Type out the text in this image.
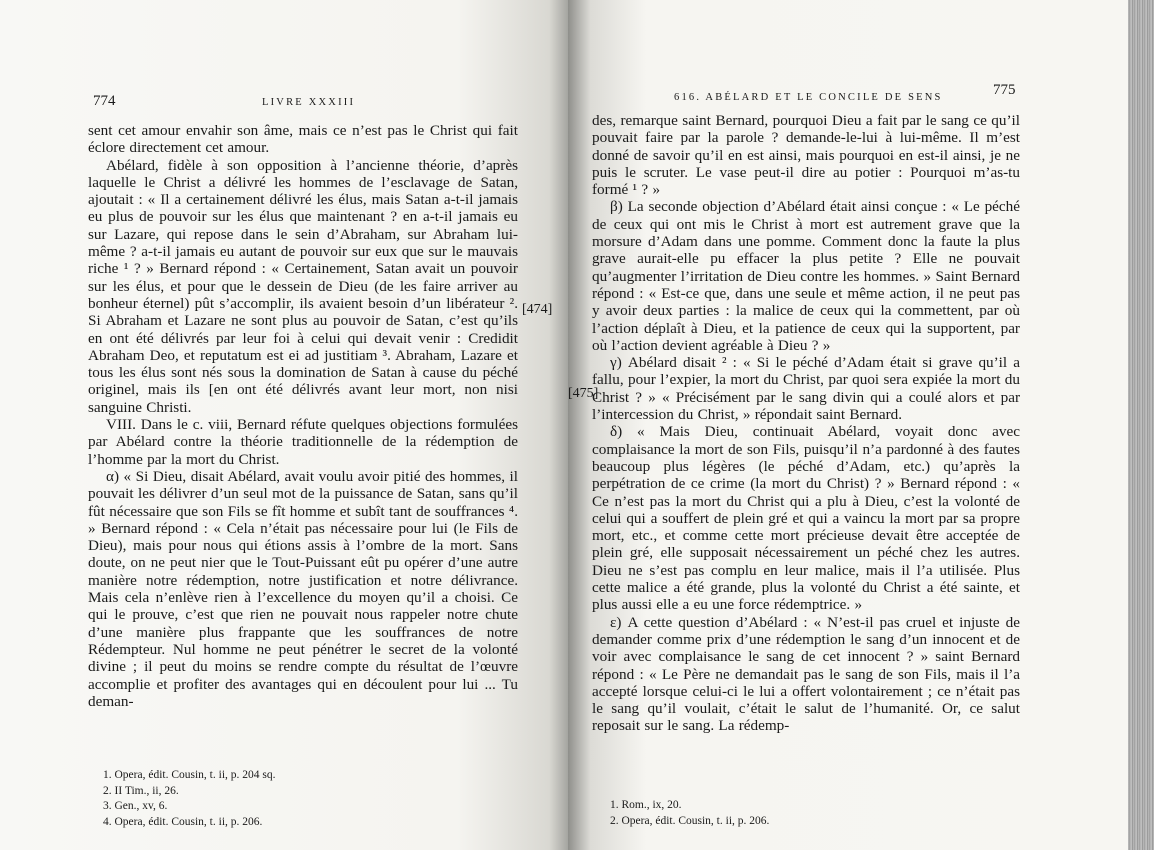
774	LIVRE XXXIII

sent cet amour envahir son âme, mais ce n’est pas le Christ qui fait éclore directement cet amour.

Abélard, fidèle à son opposition à l’ancienne théorie, d’après laquelle le Christ a délivré les hommes de l’esclavage de Satan, ajoutait : « Il a certainement délivré les élus, mais Satan a-t-il jamais eu plus de pouvoir sur les élus que maintenant ? en a-t-il jamais eu sur Lazare, qui repose dans le sein d’Abraham, sur Abraham lui-même ? a-t-il jamais eu autant de pouvoir sur eux que sur le mauvais riche ¹ ? » Bernard répond : « Certainement, Satan avait un pouvoir sur les élus, et pour que le dessein de Dieu (de les faire arriver au bonheur éternel) pût s’accomplir, ils avaient besoin d’un libérateur ². Si Abraham et Lazare ne sont plus au pouvoir de Satan, c’est qu’ils en ont été délivrés par leur foi à celui qui devait venir : Credidit Abraham Deo, et reputatum est ei ad justitiam ³. Abraham, Lazare et tous les élus sont nés sous la domination de Satan à cause du péché originel, mais ils [en ont été délivrés avant leur mort, non nisi sanguine Christi.

VIII. Dans le c. viii, Bernard réfute quelques objections formulées par Abélard contre la théorie traditionnelle de la rédemption de l’homme par la mort du Christ.

α) « Si Dieu, disait Abélard, avait voulu avoir pitié des hommes, il pouvait les délivrer d’un seul mot de la puissance de Satan, sans qu’il fût nécessaire que son Fils se fît homme et subît tant de souffrances ⁴. » Bernard répond : « Cela n’était pas nécessaire pour lui (le Fils de Dieu), mais pour nous qui étions assis à l’ombre de la mort. Sans doute, on ne peut nier que le Tout-Puissant eût pu opérer d’une autre manière notre rédemption, notre justification et notre délivrance. Mais cela n’enlève rien à l’excellence du moyen qu’il a choisi. Ce qui le prouve, c’est que rien ne pouvait nous rappeler notre chute d’une manière plus frappante que les souffrances de notre Rédempteur. Nul homme ne peut pénétrer le secret de la volonté divine ; il peut du moins se rendre compte du résultat de l’œuvre accomplie et profiter des avantages qui en découlent pour lui ... Tu deman-

[474]
1. Opera, édit. Cousin, t. ii, p. 204 sq.
2. II Tim., ii, 26.
3. Gen., xv, 6.
4. Opera, édit. Cousin, t. ii, p. 206.
616. ABÉLARD ET LE CONCILE DE SENS	775
[475]

des, remarque saint Bernard, pourquoi Dieu a fait par le sang ce qu’il pouvait faire par la parole ? demande-le-lui à lui-même. Il m’est donné de savoir qu’il en est ainsi, mais pourquoi en est-il ainsi, je ne puis le scruter. Le vase peut-il dire au potier : Pourquoi m’as-tu formé ¹ ? »

β) La seconde objection d’Abélard était ainsi conçue : « Le péché de ceux qui ont mis le Christ à mort est autrement grave que la morsure d’Adam dans une pomme. Comment donc la faute la plus grave aurait-elle pu effacer la plus petite ? Elle ne pouvait qu’augmenter l’irritation de Dieu contre les hommes. » Saint Bernard répond : « Est-ce que, dans une seule et même action, il ne peut pas y avoir deux parties : la malice de ceux qui la commettent, par où l’action déplaît à Dieu, et la patience de ceux qui la supportent, par où l’action devient agréable à Dieu ? »

γ) Abélard disait ² : « Si le péché d’Adam était si grave qu’il a fallu, pour l’expier, la mort du Christ, par quoi sera expiée la mort du Christ ? » « Précisément par le sang divin qui a coulé alors et par l’intercession du Christ, » répondait saint Bernard.

δ) « Mais Dieu, continuait Abélard, voyait donc avec complaisance la mort de son Fils, puisqu’il n’a pardonné à des fautes beaucoup plus légères (le péché d’Adam, etc.) qu’après la perpétration de ce crime (la mort du Christ) ? » Bernard répond : « Ce n’est pas la mort du Christ qui a plu à Dieu, c’est la volonté de celui qui a souffert de plein gré et qui a vaincu la mort par sa propre mort, etc., et comme cette mort précieuse devait être acceptée de plein gré, elle supposait nécessairement un péché chez les autres. Dieu ne s’est pas complu en leur malice, mais il l’a utilisée. Plus cette malice a été grande, plus la volonté du Christ a été sainte, et plus aussi elle a eu une force rédemptrice. »

ε) A cette question d’Abélard : « N’est-il pas cruel et injuste de demander comme prix d’une rédemption le sang d’un innocent et de voir avec complaisance le sang de cet innocent ? » saint Bernard répond : « Le Père ne demandait pas le sang de son Fils, mais il l’a accepté lorsque celui-ci le lui a offert volontairement ; ce n’était pas le sang qu’il voulait, c’était le salut de l’humanité. Or, ce salut reposait sur le sang. La rédemp-

1. Rom., ix, 20.
2. Opera, édit. Cousin, t. ii, p. 206.
